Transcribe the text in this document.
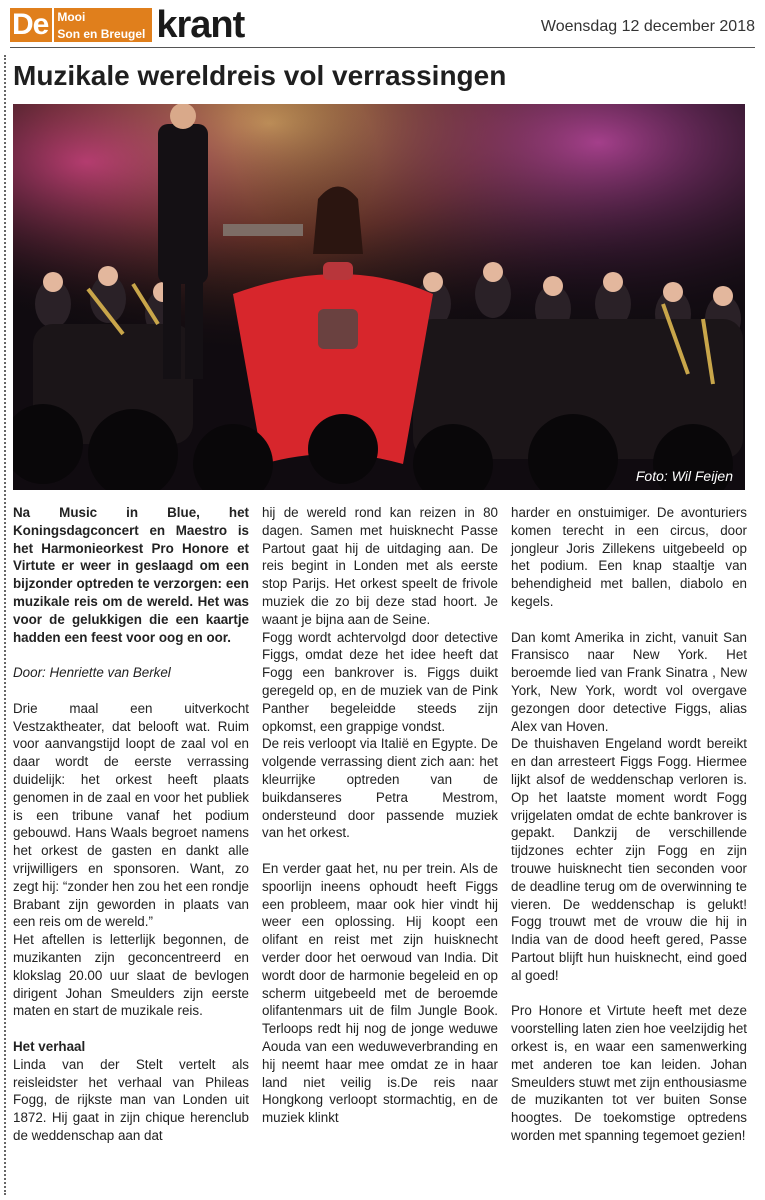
De Mooi

Son en Breugel krant	Woensdag 12 december 2018
Muzikale wereldreis vol verrassingen
Foto: Wil Feijen

Na Music in Blue, het Koningsdagconcert en Maestro is het Harmonieorkest Pro Honore et Virtute er weer in geslaagd om een bijzonder optreden te verzorgen: een muzikale reis om de wereld. Het was voor de gelukkigen die een kaartje hadden een feest voor oog en oor.

Door: Henriette van Berkel

Drie maal een uitverkocht Vestzaktheater, dat belooft wat. Ruim voor aanvangstijd loopt de zaal vol en daar wordt de eerste verrassing duidelijk: het orkest heeft plaats genomen in de zaal en voor het publiek is een tribune vanaf het podium gebouwd. Hans Waals begroet namens het orkest de gasten en dankt alle vrijwilligers en sponsoren. Want, zo zegt hij: “zonder hen zou het een rondje Brabant zijn geworden in plaats van een reis om de wereld.”

Het aftellen is letterlijk begonnen, de muzikanten zijn geconcentreerd en klokslag 20.00 uur slaat de bevlogen dirigent Johan Smeulders zijn eerste maten en start de muzikale reis.

Het verhaal

Linda van der Stelt vertelt als reisleidster het verhaal van Phileas Fogg, de rijkste man van Londen uit 1872. Hij gaat in zijn chique herenclub de weddenschap aan dat

hij de wereld rond kan reizen in 80 dagen. Samen met huisknecht Passe Partout gaat hij de uitdaging aan. De reis begint in Londen met als eerste stop Parijs. Het orkest speelt de frivole muziek die zo bij deze stad hoort. Je waant je bijna aan de Seine.

Fogg wordt achtervolgd door detective Figgs, omdat deze het idee heeft dat Fogg een bankrover is. Figgs duikt geregeld op, en de muziek van de Pink Panther begeleidde steeds zijn opkomst, een grappige vondst.

De reis verloopt via Italië en Egypte. De volgende verrassing dient zich aan: het kleurrijke optreden van de buikdanseres Petra Mestrom, ondersteund door passende muziek van het orkest.

En verder gaat het, nu per trein. Als de spoorlijn ineens ophoudt heeft Figgs een probleem, maar ook hier vindt hij weer een oplossing. Hij koopt een olifant en reist met zijn huisknecht verder door het oerwoud van India. Dit wordt door de harmonie begeleid en op scherm uitgebeeld met de beroemde olifantenmars uit de film Jungle Book. Terloops redt hij nog de jonge weduwe Aouda van een weduweverbranding en hij neemt haar mee omdat ze in haar land niet veilig is.De reis naar Hongkong verloopt stormachtig, en de muziek klinkt

harder en onstuimiger. De avonturiers komen terecht in een circus, door jongleur Joris Zillekens uitgebeeld op het podium. Een knap staaltje van behendigheid met ballen, diabolo en kegels.

Dan komt Amerika in zicht, vanuit San Fransisco naar New York. Het beroemde lied van Frank Sinatra , New York, New York, wordt vol overgave gezongen door detective Figgs, alias Alex van Hoven.

De thuishaven Engeland wordt bereikt en dan arresteert Figgs Fogg. Hiermee lijkt alsof de weddenschap verloren is. Op het laatste moment wordt Fogg vrijgelaten omdat de echte bankrover is gepakt. Dankzij de verschillende tijdzones echter zijn Fogg en zijn trouwe huisknecht tien seconden voor de deadline terug om de overwinning te vieren. De weddenschap is gelukt! Fogg trouwt met de vrouw die hij in India van de dood heeft gered, Passe Partout blijft hun huisknecht, eind goed al goed!

Pro Honore et Virtute heeft met deze voorstelling laten zien hoe veelzijdig het orkest is, en waar een samenwerking met anderen toe kan leiden. Johan Smeulders stuwt met zijn enthousiasme de muzikanten tot ver buiten Sonse hoogtes. De toekomstige optredens worden met spanning tegemoet gezien!
